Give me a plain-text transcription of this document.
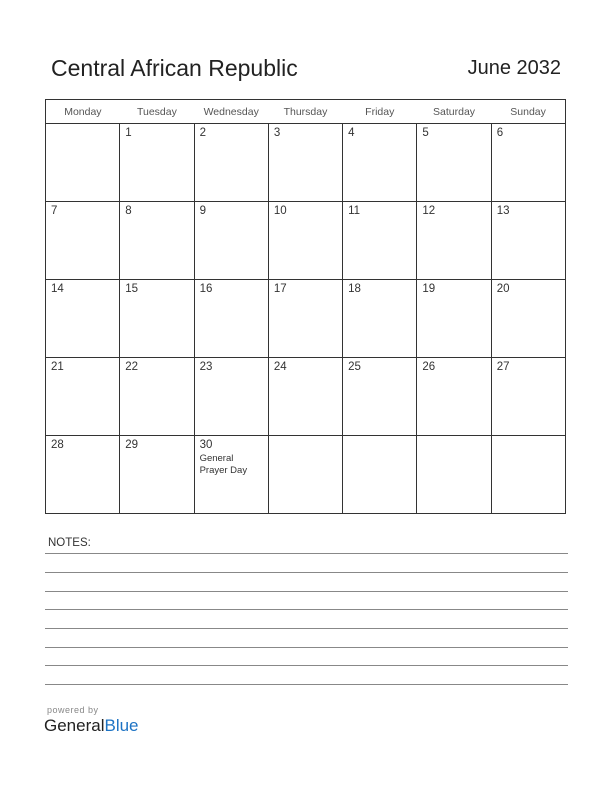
Central African Republic	June 2032
Monday	Tuesday	Wednesday	Thursday	Friday	Saturday	Sunday

	1	2	3	4	5	6

7	8	9	10	11	12	13

14	15	16	17	18	19	20

21	22	23	24	25	26	27

28	29	30
General
Prayer Day				

NOTES:
powered by
GeneralBlue
